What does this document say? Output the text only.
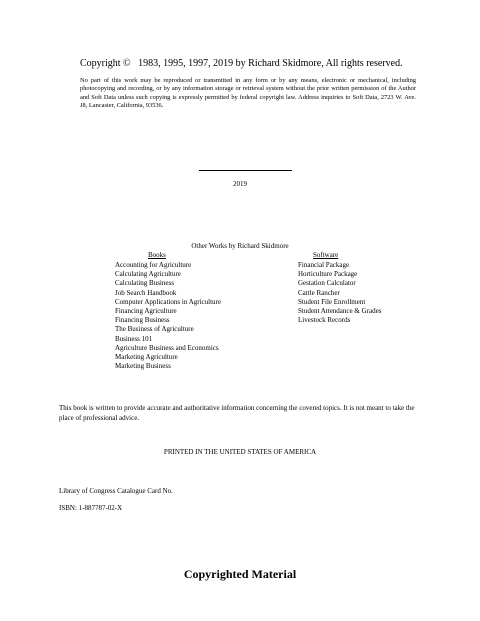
Copyright ©   1983, 1995, 1997, 2019 by Richard Skidmore, All rights reserved.
No part of this work may be reproduced or transmitted in any form or by any means, electronic or mechanical, including photocopying and recording, or by any information storage or retrieval system without the prior written permission of the Author and Soft Data unless such copying is expressly permitted by federal copyright law. Address inquiries to Soft Data, 2723 W. Ave. J8, Lancaster, California, 93536.
2019
Other Works by Richard Skidmore
Books	Software
Accounting for Agriculture
Calculating Agriculture
Calculating Business
Job Search Handbook
Computer Applications in Agriculture
Financing Agriculture
Financing Business
The Business of Agriculture
Business 101
Agriculture Business and Economics
Marketing Agriculture
Marketing Business
Financial Package
Horticulture Package
Gestation Calculator
Cattle Rancher
Student File Enrollment
Student Attendance & Grades
Livestock Records
This book is written to provide accurate and authoritative information concerning the covered topics. It is not meant to take the place of professional advice.
PRINTED IN THE UNITED STATES OF AMERICA
Library of Congress Catalogue Card No.
ISBN: 1-887787-02-X
Copyrighted Material
